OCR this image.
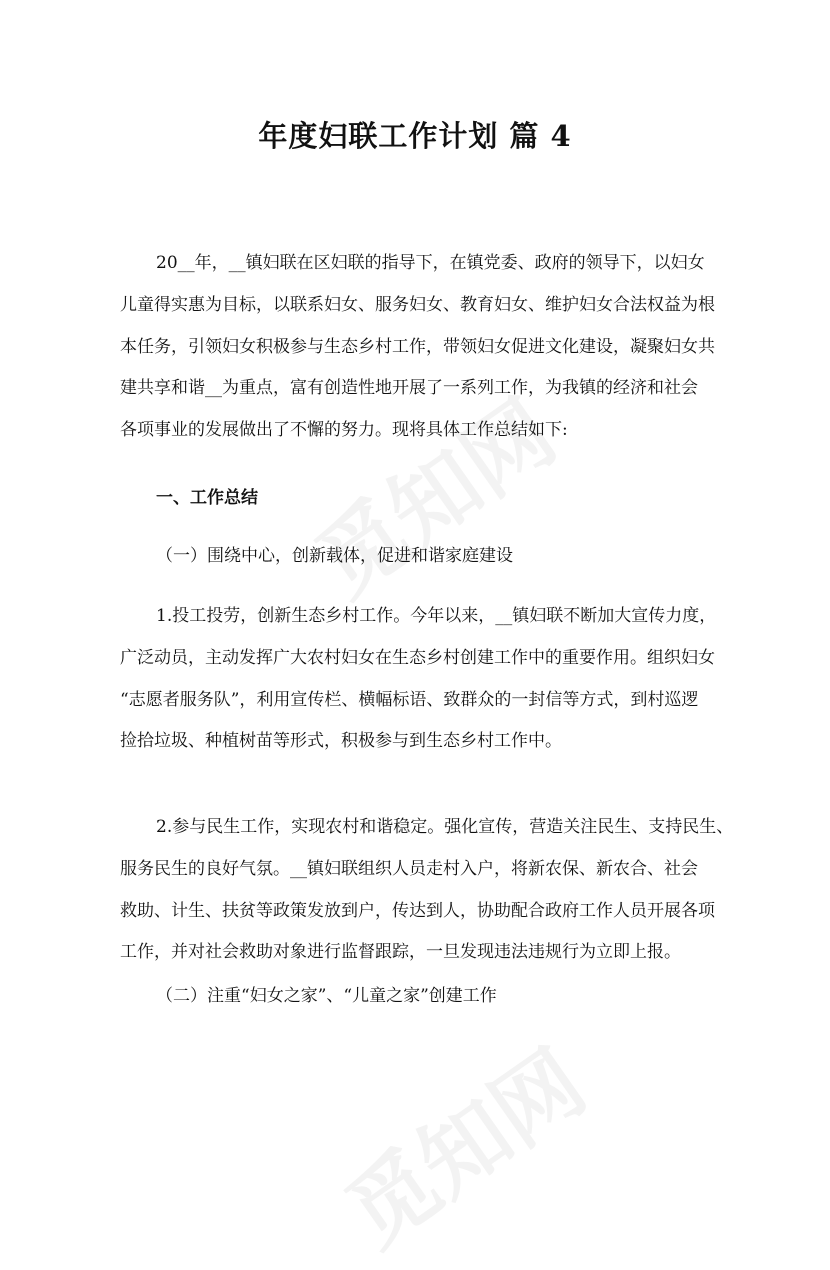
年度妇联工作计划 篇 4
20__年，__镇妇联在区妇联的指导下，在镇党委、政府的领导下，以妇女
儿童得实惠为目标，以联系妇女、服务妇女、教育妇女、维护妇女合法权益为根
本任务，引领妇女积极参与生态乡村工作，带领妇女促进文化建设，凝聚妇女共
建共享和谐__为重点，富有创造性地开展了一系列工作，为我镇的经济和社会
各项事业的发展做出了不懈的努力。现将具体工作总结如下:
一、工作总结
（一）围绕中心，创新载体，促进和谐家庭建设
1.投工投劳，创新生态乡村工作。今年以来，__镇妇联不断加大宣传力度，
广泛动员，主动发挥广大农村妇女在生态乡村创建工作中的重要作用。组织妇女
“志愿者服务队”，利用宣传栏、横幅标语、致群众的一封信等方式，到村巡逻
捡拾垃圾、种植树苗等形式，积极参与到生态乡村工作中。
2.参与民生工作，实现农村和谐稳定。强化宣传，营造关注民生、支持民生、
服务民生的良好气氛。__镇妇联组织人员走村入户，将新农保、新农合、社会
救助、计生、扶贫等政策发放到户，传达到人，协助配合政府工作人员开展各项
工作，并对社会救助对象进行监督跟踪，一旦发现违法违规行为立即上报。
（二）注重“妇女之家”、“儿童之家”创建工作
